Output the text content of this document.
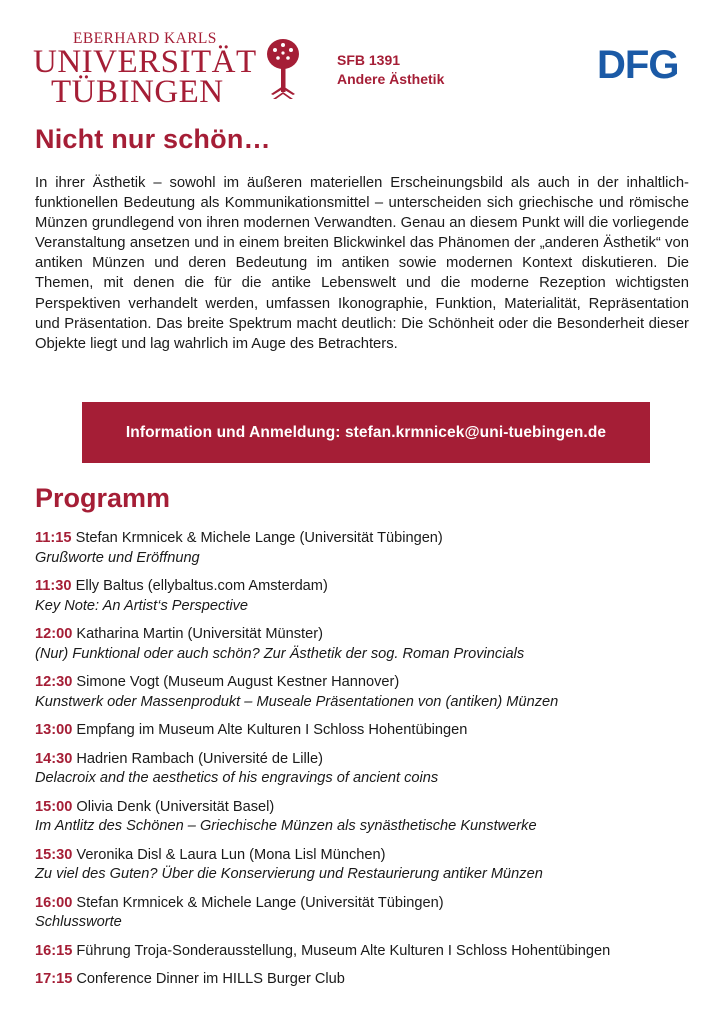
EBERHARD KARLS
UNIVERSITÄT
TÜBINGEN
SFB 1391
Andere Ästhetik	DFG
Nicht nur schön…

In ihrer Ästhetik – sowohl im äußeren materiellen Erscheinungsbild als auch in der inhaltlich-funktionellen Bedeutung als Kommunikationsmittel – unterscheiden sich griechische und römische Münzen grundlegend von ihren modernen Verwandten. Genau an diesem Punkt will die vorliegende Veranstaltung ansetzen und in einem breiten Blickwinkel das Phänomen der „anderen Ästhetik“ von antiken Münzen und deren Bedeutung im antiken sowie modernen Kontext diskutieren. Die Themen, mit denen die für die antike Lebenswelt und die moderne Rezeption wichtigsten Perspektiven verhandelt werden, umfassen Ikonographie, Funktion, Materialität, Repräsentation und Präsentation. Das breite Spektrum macht deutlich: Die Schönheit oder die Besonderheit dieser Objekte liegt und lag wahrlich im Auge des Betrachters.

Information und Anmeldung: stefan.krmnicek@uni-tuebingen.de
Programm
11:15 Stefan Krmnicek & Michele Lange (Universität Tübingen)
Grußworte und Eröffnung
11:30 Elly Baltus (ellybaltus.com Amsterdam)
Key Note: An Artist‘s Perspective
12:00 Katharina Martin (Universität Münster)
(Nur) Funktional oder auch schön? Zur Ästhetik der sog. Roman Provincials
12:30 Simone Vogt (Museum August Kestner Hannover)
Kunstwerk oder Massenprodukt – Museale Präsentationen von (antiken) Münzen
13:00 Empfang im Museum Alte Kulturen I Schloss Hohentübingen
14:30 Hadrien Rambach (Université de Lille)
Delacroix and the aesthetics of his engravings of ancient coins
15:00 Olivia Denk (Universität Basel)
Im Antlitz des Schönen – Griechische Münzen als synästhetische Kunstwerke
15:30 Veronika Disl & Laura Lun (Mona Lisl München)
Zu viel des Guten? Über die Konservierung und Restaurierung antiker Münzen
16:00 Stefan Krmnicek & Michele Lange (Universität Tübingen)
Schlussworte
16:15 Führung Troja-Sonderausstellung, Museum Alte Kulturen I Schloss Hohentübingen
17:15 Conference Dinner im HILLS Burger Club
